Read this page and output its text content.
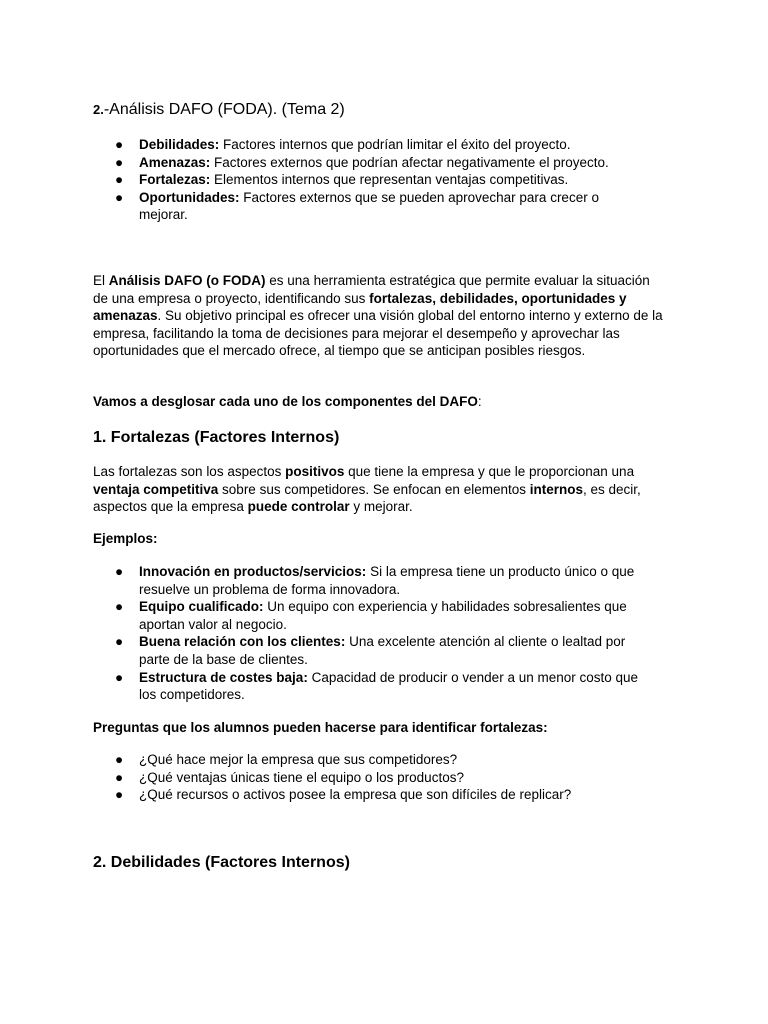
2.-Análisis DAFO (FODA). (Tema 2)
● Debilidades: Factores internos que podrían limitar el éxito del proyecto.
● Amenazas: Factores externos que podrían afectar negativamente el proyecto.
● Fortalezas: Elementos internos que representan ventajas competitivas.
● Oportunidades: Factores externos que se pueden aprovechar para crecer o mejorar.

El Análisis DAFO (o FODA) es una herramienta estratégica que permite evaluar la situación de una empresa o proyecto, identificando sus fortalezas, debilidades, oportunidades y amenazas. Su objetivo principal es ofrecer una visión global del entorno interno y externo de la empresa, facilitando la toma de decisiones para mejorar el desempeño y aprovechar las oportunidades que el mercado ofrece, al tiempo que se anticipan posibles riesgos.

Vamos a desglosar cada uno de los componentes del DAFO:

1. Fortalezas (Factores Internos)

Las fortalezas son los aspectos positivos que tiene la empresa y que le proporcionan una ventaja competitiva sobre sus competidores. Se enfocan en elementos internos, es decir, aspectos que la empresa puede controlar y mejorar.

Ejemplos:

● Innovación en productos/servicios: Si la empresa tiene un producto único o que resuelve un problema de forma innovadora.
● Equipo cualificado: Un equipo con experiencia y habilidades sobresalientes que aportan valor al negocio.
● Buena relación con los clientes: Una excelente atención al cliente o lealtad por parte de la base de clientes.
● Estructura de costes baja: Capacidad de producir o vender a un menor costo que los competidores.

Preguntas que los alumnos pueden hacerse para identificar fortalezas:

● ¿Qué hace mejor la empresa que sus competidores?
● ¿Qué ventajas únicas tiene el equipo o los productos?
● ¿Qué recursos o activos posee la empresa que son difíciles de replicar?
2. Debilidades (Factores Internos)
